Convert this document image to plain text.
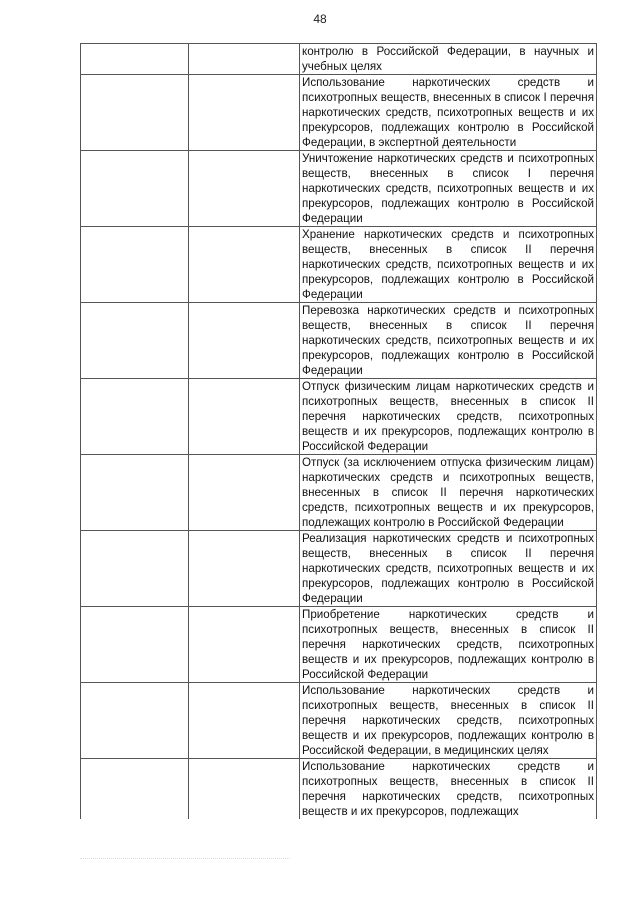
48
контролю в Российской Федерации, в научных и учебных целях
Использование наркотических средств и психотропных веществ, внесенных в список I перечня наркотических средств, психотропных веществ и их прекурсоров, подлежащих контролю в Российской Федерации, в экспертной деятельности
Уничтожение наркотических средств и психотропных веществ, внесенных в список I перечня наркотических средств, психотропных веществ и их прекурсоров, подлежащих контролю в Российской Федерации
Хранение наркотических средств и психотропных веществ, внесенных в список II перечня наркотических средств, психотропных веществ и их прекурсоров, подлежащих контролю в Российской Федерации
Перевозка наркотических средств и психотропных веществ, внесенных в список II перечня наркотических средств, психотропных веществ и их прекурсоров, подлежащих контролю в Российской Федерации
Отпуск физическим лицам наркотических средств и психотропных веществ, внесенных в список II перечня наркотических средств, психотропных веществ и их прекурсоров, подлежащих контролю в Российской Федерации
Отпуск (за исключением отпуска физическим лицам) наркотических средств и психотропных веществ, внесенных в список II перечня наркотических средств, психотропных веществ и их прекурсоров, подлежащих контролю в Российской Федерации
Реализация наркотических средств и психотропных веществ, внесенных в список II перечня наркотических средств, психотропных веществ и их прекурсоров, подлежащих контролю в Российской Федерации
Приобретение наркотических средств и психотропных веществ, внесенных в список II перечня наркотических средств, психотропных веществ и их прекурсоров, подлежащих контролю в Российской Федерации
Использование наркотических средств и психотропных веществ, внесенных в список II перечня наркотических средств, психотропных веществ и их прекурсоров, подлежащих контролю в Российской Федерации, в медицинских целях
Использование наркотических средств и психотропных веществ, внесенных в список II перечня наркотических средств, психотропных веществ и их прекурсоров, подлежащих
